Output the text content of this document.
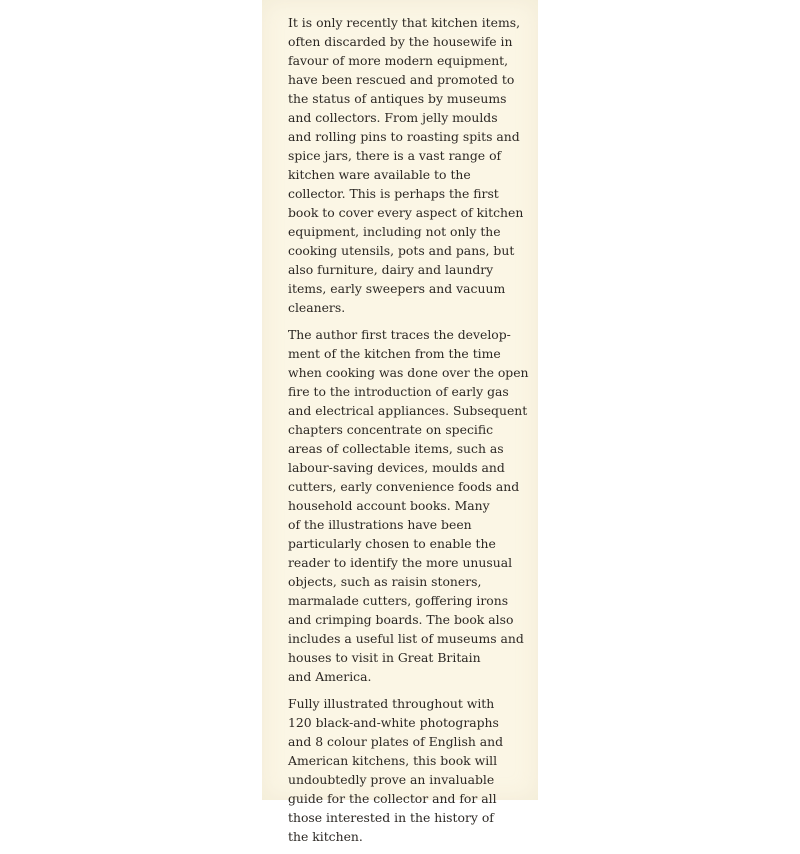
It is only recently that kitchen items,
often discarded by the housewife in
favour of more modern equipment,
have been rescued and promoted to
the status of antiques by museums
and collectors. From jelly moulds
and rolling pins to roasting spits and
spice jars, there is a vast range of
kitchen ware available to the
collector. This is perhaps the first
book to cover every aspect of kitchen
equipment, including not only the
cooking utensils, pots and pans, but
also furniture, dairy and laundry
items, early sweepers and vacuum
cleaners.

The author first traces the develop-
ment of the kitchen from the time
when cooking was done over the open
fire to the introduction of early gas
and electrical appliances. Subsequent
chapters concentrate on specific
areas of collectable items, such as
labour-saving devices, moulds and
cutters, early convenience foods and
household account books. Many
of the illustrations have been
particularly chosen to enable the
reader to identify the more unusual
objects, such as raisin stoners,
marmalade cutters, goffering irons
and crimping boards. The book also
includes a useful list of museums and
houses to visit in Great Britain
and America.

Fully illustrated throughout with
120 black-and-white photographs
and 8 colour plates of English and
American kitchens, this book will
undoubtedly prove an invaluable
guide for the collector and for all
those interested in the history of
the kitchen.
